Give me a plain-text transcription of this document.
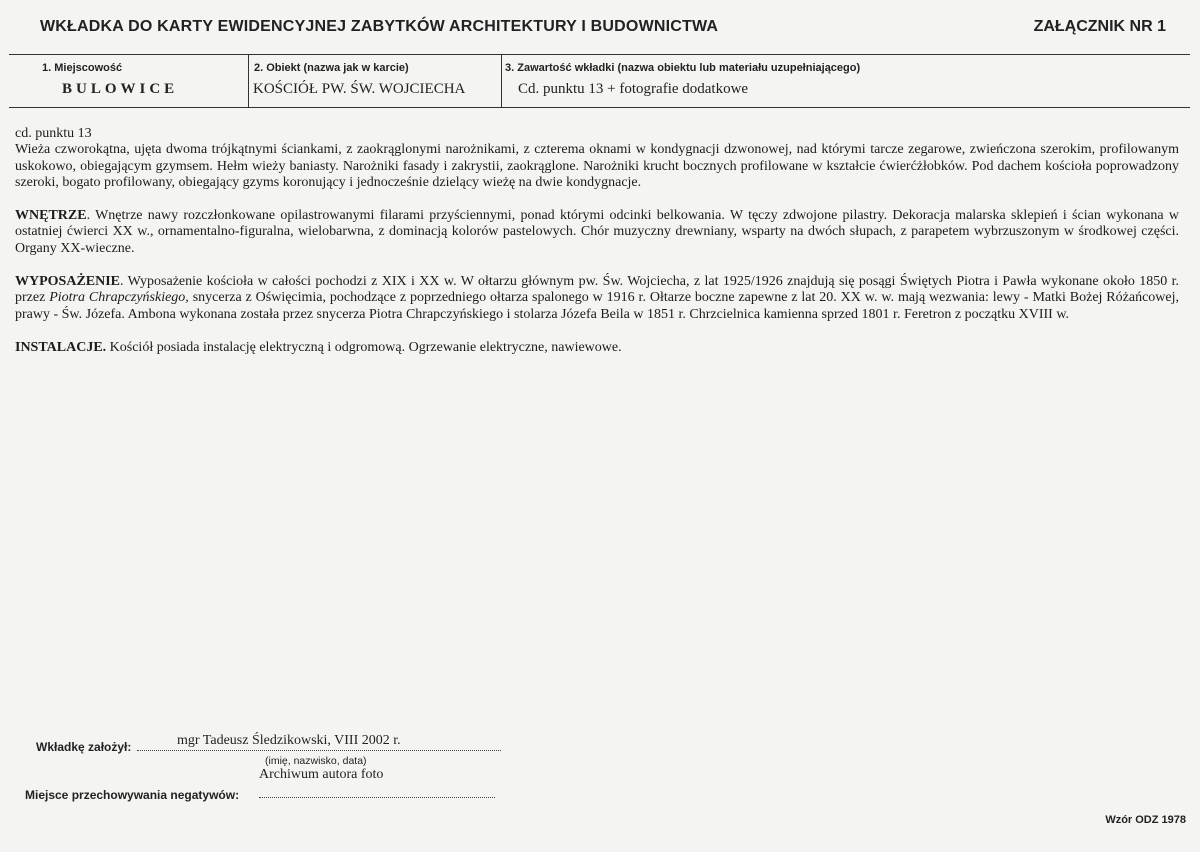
WKŁADKA DO KARTY EWIDENCYJNEJ ZABYTKÓW ARCHITEKTURY I BUDOWNICTWA	ZAŁĄCZNIK NR 1
1. Miejscowość
BULOWICE
2. Obiekt (nazwa jak w karcie)
KOŚCIÓŁ PW. ŚW. WOJCIECHA
3. Zawartość wkładki (nazwa obiektu lub materiału uzupełniającego)
Cd. punktu 13 + fotografie dodatkowe

cd. punktu 13
Wieża czworokątna, ujęta dwoma trójkątnymi ściankami, z zaokrąglonymi narożnikami, z czterema oknami w kondygnacji dzwonowej, nad którymi tarcze zegarowe, zwieńczona szerokim, profilowanym uskokowo, obiegającym gzymsem. Hełm wieży baniasty. Narożniki fasady i zakrystii, zaokrąglone. Narożniki krucht bocznych profilowane w kształcie ćwierćżłobków. Pod dachem kościoła poprowadzony szeroki, bogato profilowany, obiegający gzyms koronujący i jednocześnie dzielący wieżę na dwie kondygnacje.

WNĘTRZE. Wnętrze nawy rozczłonkowane opilastrowanymi filarami przyściennymi, ponad którymi odcinki belkowania. W tęczy zdwojone pilastry. Dekoracja malarska sklepień i ścian wykonana w ostatniej ćwierci XX w., ornamentalno-figuralna, wielobarwna, z dominacją kolorów pastelowych. Chór muzyczny drewniany, wsparty na dwóch słupach, z parapetem wybrzuszonym w środkowej części. Organy XX-wieczne.

WYPOSAŻENIE. Wyposażenie kościoła w całości pochodzi z XIX i XX w. W ołtarzu głównym pw. Św. Wojciecha, z lat 1925/1926 znajdują się posągi Świętych Piotra i Pawła wykonane około 1850 r. przez Piotra Chrapczyńskiego, snycerza z Oświęcimia, pochodzące z poprzedniego ołtarza spalonego w 1916 r. Ołtarze boczne zapewne z lat 20. XX w. w. mają wezwania: lewy - Matki Bożej Różańcowej, prawy - Św. Józefa. Ambona wykonana została przez snycerza Piotra Chrapczyńskiego i stolarza Józefa Beila w 1851 r. Chrzcielnica kamienna sprzed 1801 r. Feretron z początku XVIII w.

INSTALACJE. Kościół posiada instalację elektryczną i odgromową. Ogrzewanie elektryczne, nawiewowe.

Wkładkę założył:	mgr Tadeusz Śledzikowski, VIII 2002 r.
(imię, nazwisko, data)
Archiwum autora foto
Miejsce przechowywania negatywów:
Wzór ODZ 1978
